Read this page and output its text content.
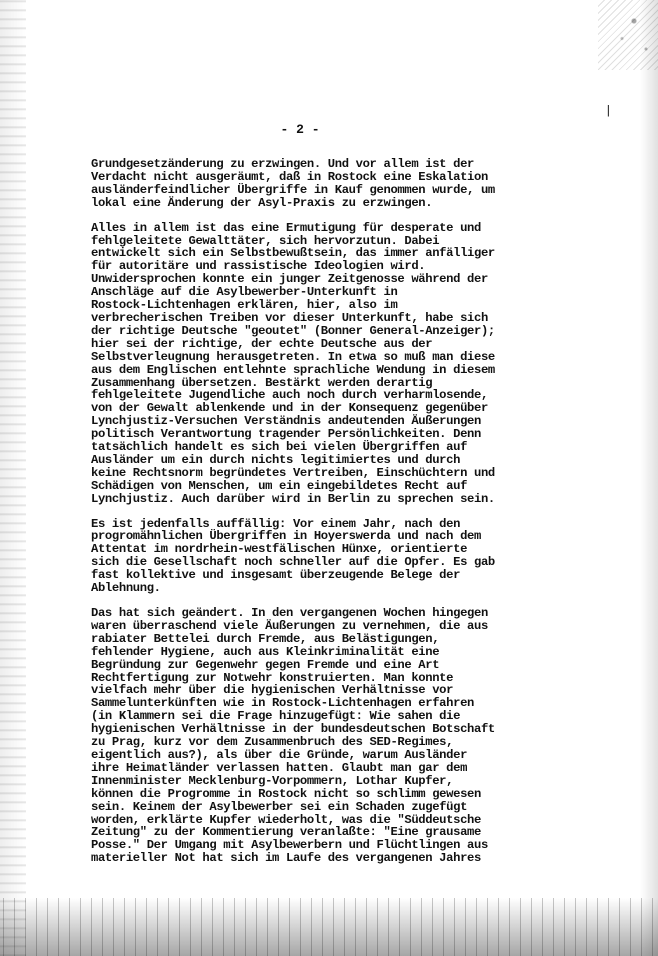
|
- 2 -

Grundgesetzänderung zu erzwingen. Und vor allem ist der
Verdacht nicht ausgeräumt, daß in Rostock eine Eskalation
ausländerfeindlicher Übergriffe in Kauf genommen wurde, um
lokal eine Änderung der Asyl-Praxis zu erzwingen.

Alles in allem ist das eine Ermutigung für desperate und
fehlgeleitete Gewalttäter, sich hervorzutun. Dabei
entwickelt sich ein Selbstbewußtsein, das immer anfälliger
für autoritäre und rassistische Ideologien wird.
Unwidersprochen konnte ein junger Zeitgenosse während der
Anschläge auf die Asylbewerber-Unterkunft in
Rostock-Lichtenhagen erklären, hier, also im
verbrecherischen Treiben vor dieser Unterkunft, habe sich
der richtige Deutsche "geoutet" (Bonner General-Anzeiger);
hier sei der richtige, der echte Deutsche aus der
Selbstverleugnung herausgetreten. In etwa so muß man diese
aus dem Englischen entlehnte sprachliche Wendung in diesem
Zusammenhang übersetzen. Bestärkt werden derartig
fehlgeleitete Jugendliche auch noch durch verharmlosende,
von der Gewalt ablenkende und in der Konsequenz gegenüber
Lynchjustiz-Versuchen Verständnis andeutenden Äußerungen
politisch Verantwortung tragender Persönlichkeiten. Denn
tatsächlich handelt es sich bei vielen Übergriffen auf
Ausländer um ein durch nichts legitimiertes und durch
keine Rechtsnorm begründetes Vertreiben, Einschüchtern und
Schädigen von Menschen, um ein eingebildetes Recht auf
Lynchjustiz. Auch darüber wird in Berlin zu sprechen sein.

Es ist jedenfalls auffällig: Vor einem Jahr, nach den
progromähnlichen Übergriffen in Hoyerswerda und nach dem
Attentat im nordrhein-westfälischen Hünxe, orientierte
sich die Gesellschaft noch schneller auf die Opfer. Es gab
fast kollektive und insgesamt überzeugende Belege der
Ablehnung.

Das hat sich geändert. In den vergangenen Wochen hingegen
waren überraschend viele Äußerungen zu vernehmen, die aus
rabiater Bettelei durch Fremde, aus Belästigungen,
fehlender Hygiene, auch aus Kleinkriminalität eine
Begründung zur Gegenwehr gegen Fremde und eine Art
Rechtfertigung zur Notwehr konstruierten. Man konnte
vielfach mehr über die hygienischen Verhältnisse vor
Sammelunterkünften wie in Rostock-Lichtenhagen erfahren
(in Klammern sei die Frage hinzugefügt: Wie sahen die
hygienischen Verhältnisse in der bundesdeutschen Botschaft
zu Prag, kurz vor dem Zusammenbruch des SED-Regimes,
eigentlich aus?), als über die Gründe, warum Ausländer
ihre Heimatländer verlassen hatten. Glaubt man gar dem
Innenminister Mecklenburg-Vorpommern, Lothar Kupfer,
können die Progromme in Rostock nicht so schlimm gewesen
sein. Keinem der Asylbewerber sei ein Schaden zugefügt
worden, erklärte Kupfer wiederholt, was die "Süddeutsche
Zeitung" zu der Kommentierung veranlaßte: "Eine grausame
Posse." Der Umgang mit Asylbewerbern und Flüchtlingen aus
materieller Not hat sich im Laufe des vergangenen Jahres
